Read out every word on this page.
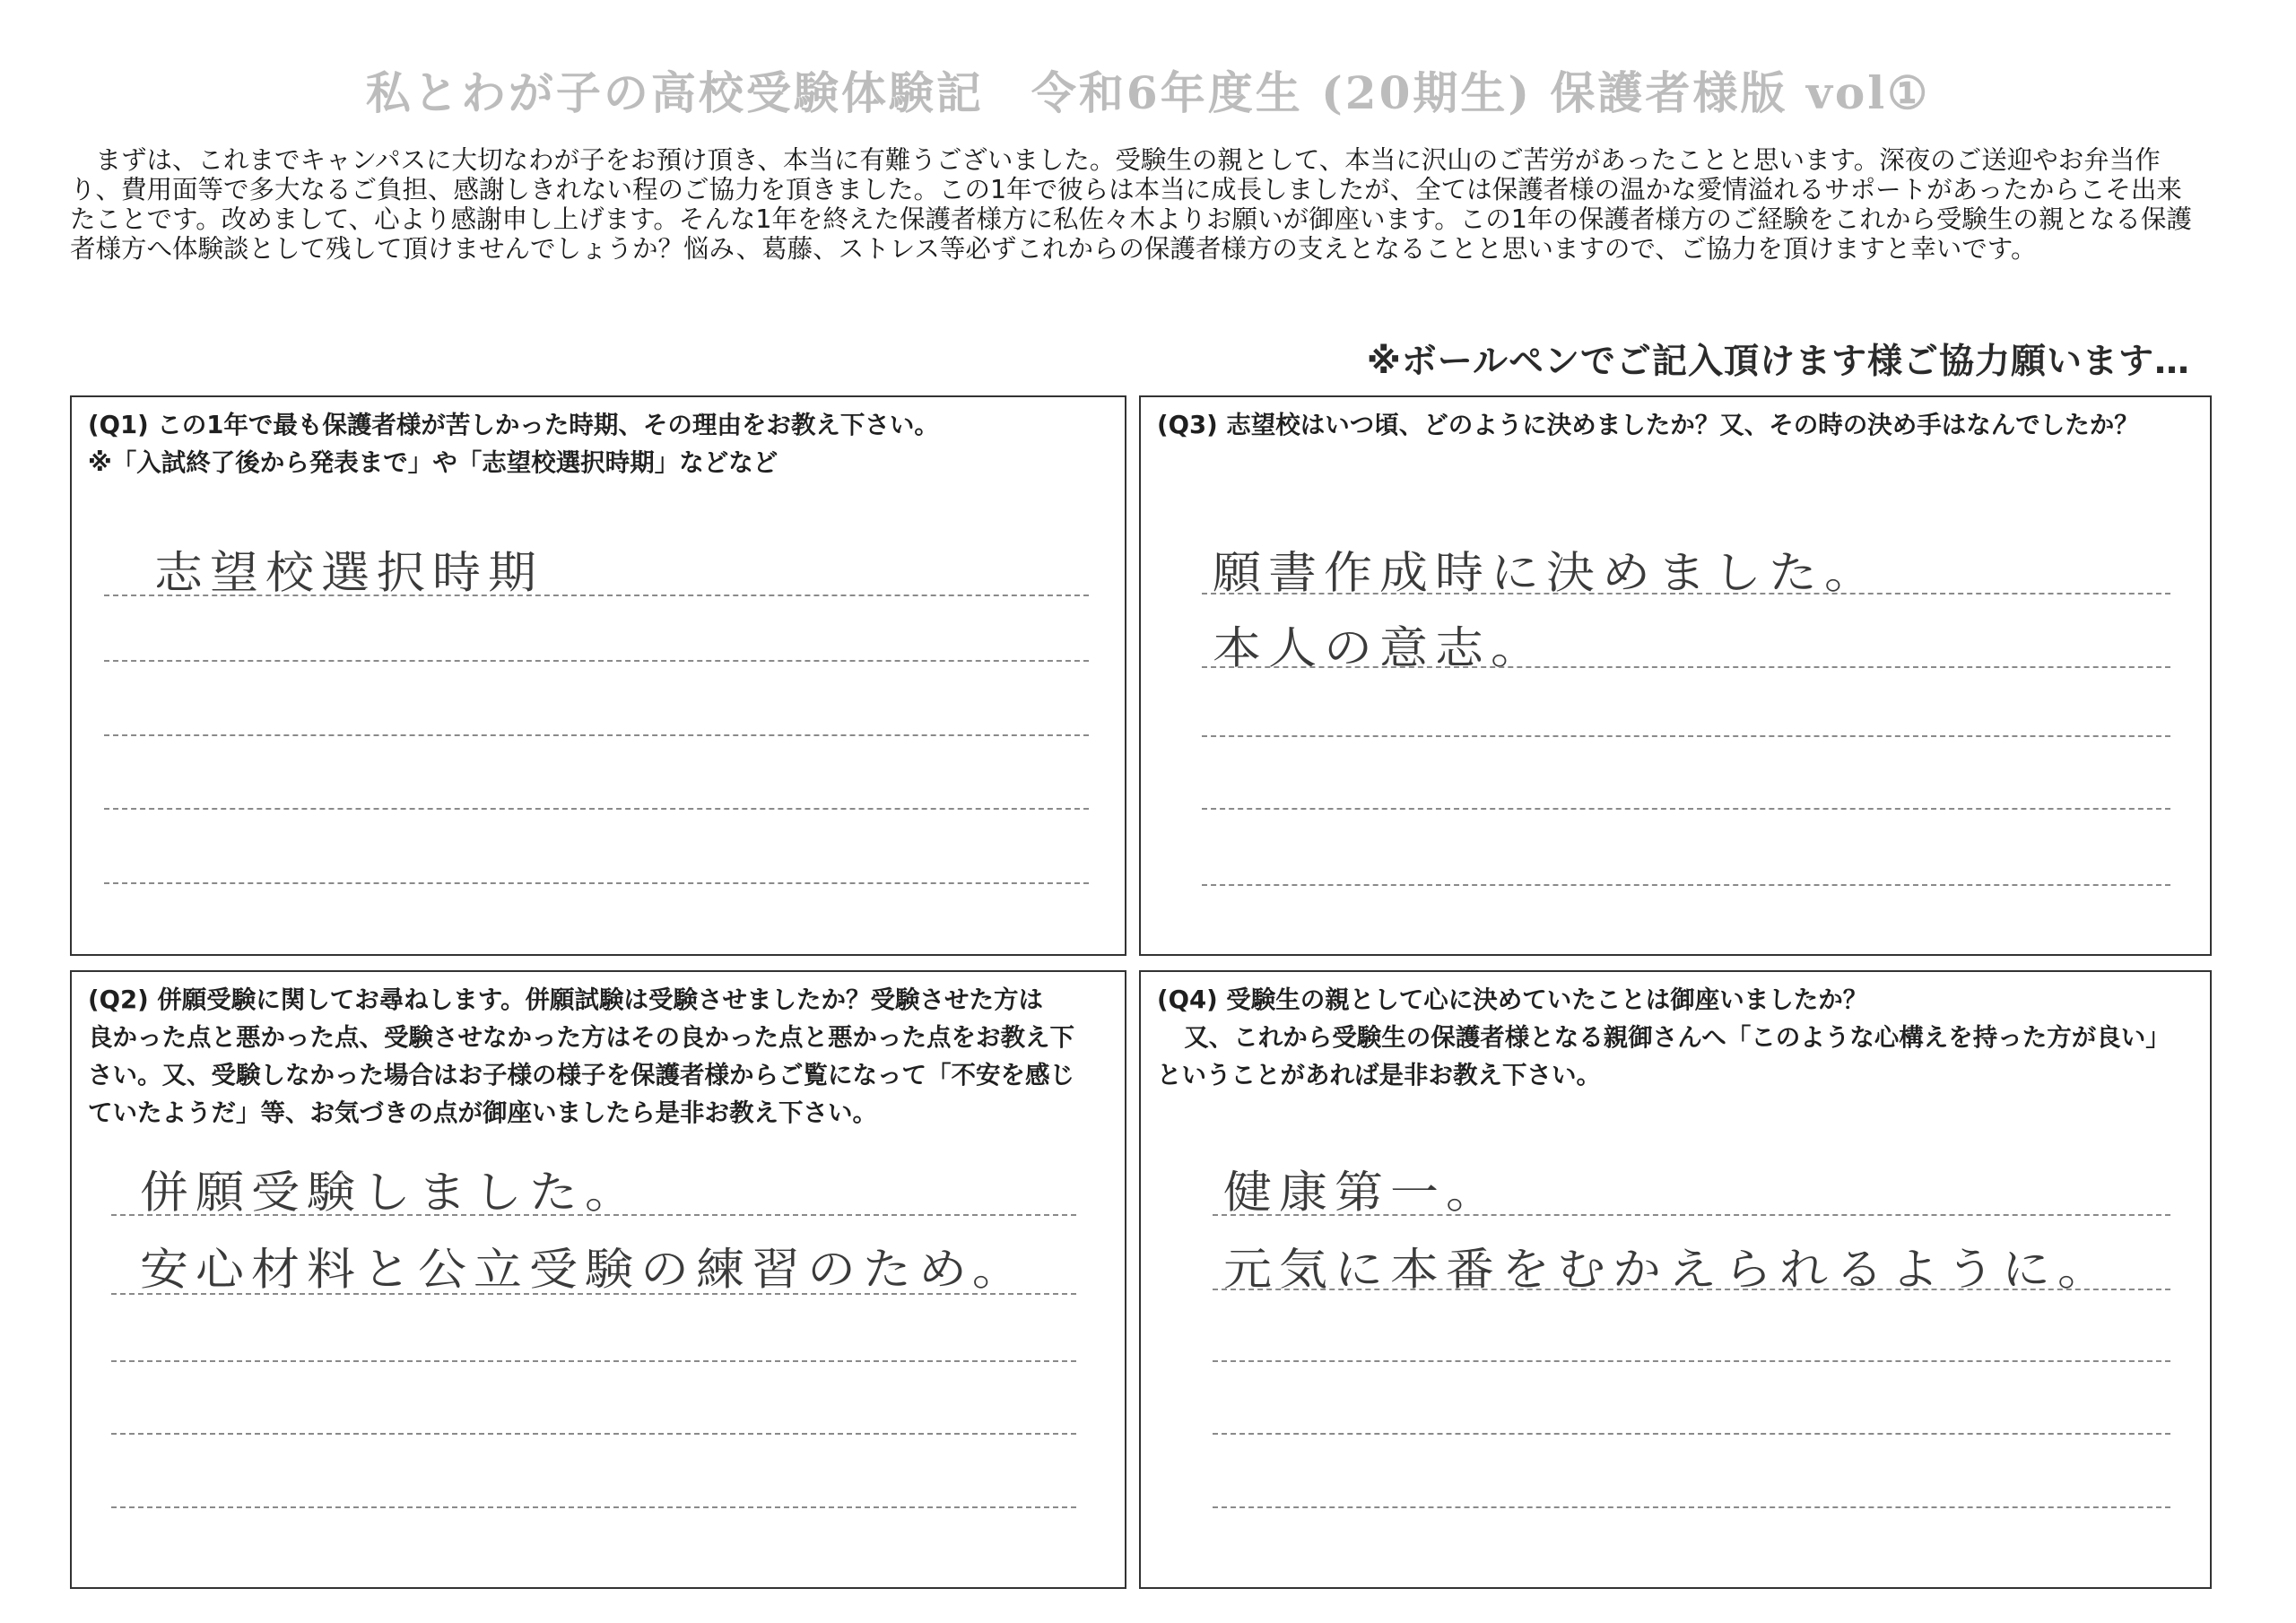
私とわが子の高校受験体験記　令和6年度生 (20期生) 保護者様版 vol①
まずは、これまでキャンパスに大切なわが子をお預け頂き、本当に有難うございました。受験生の親として、本当に沢山のご苦労があったことと思います。深夜のご送迎やお弁当作り、費用面等で多大なるご負担、感謝しきれない程のご協力を頂きました。この1年で彼らは本当に成長しましたが、全ては保護者様の温かな愛情溢れるサポートがあったからこそ出来たことです。改めまして、心より感謝申し上げます。そんな1年を終えた保護者様方に私佐々木よりお願いが御座います。この1年の保護者様方のご経験をこれから受験生の親となる保護者様方へ体験談として残して頂けませんでしょうか？悩み、葛藤、ストレス等必ずこれからの保護者様方の支えとなることと思いますので、ご協力を頂けますと幸いです。
※ボールペンでご記入頂けます様ご協力願います…
(Q1) この1年で最も保護者様が苦しかった時期、その理由をお教え下さい。
※「入試終了後から発表まで」や「志望校選択時期」などなど
志望校選択時期
(Q3) 志望校はいつ頃、どのように決めましたか？又、その時の決め手はなんでしたか？
願書作成時に決めました。
本人の意志。
(Q2) 併願受験に関してお尋ねします。併願試験は受験させましたか？受験させた方は
良かった点と悪かった点、受験させなかった方はその良かった点と悪かった点をお教え下
さい。又、受験しなかった場合はお子様の様子を保護者様からご覧になって「不安を感じ
ていたようだ」等、お気づきの点が御座いましたら是非お教え下さい。
併願受験しました。
安心材料と公立受験の練習のため。
(Q4) 受験生の親として心に決めていたことは御座いましたか？
又、これから受験生の保護者様となる親御さんへ「このような心構えを持った方が良い」
ということがあれば是非お教え下さい。
健康第一。
元気に本番をむかえられるように。
